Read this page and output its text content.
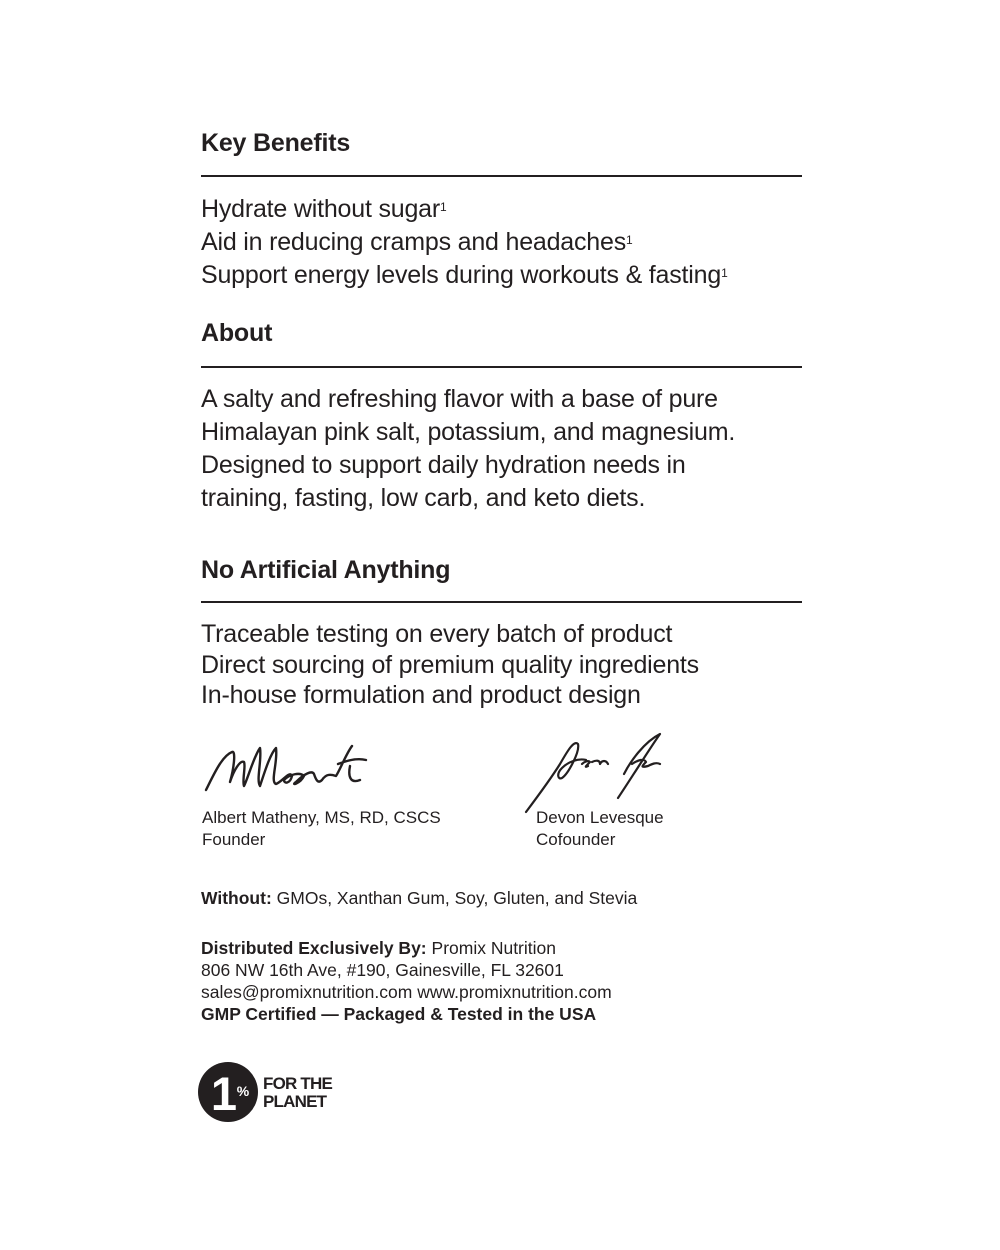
Key Benefits
Hydrate without sugar$^1$
Aid in reducing cramps and headaches$^1$
Support energy levels during workouts & fasting$^1$
About
A salty and refreshing flavor with a base of pure
Himalayan pink salt, potassium, and magnesium.
Designed to support daily hydration needs in
training, fasting, low carb, and keto diets.
No Artificial Anything
Traceable testing on every batch of product
Direct sourcing of premium quality ingredients
In-house formulation and product design
Albert Matheny, MS, RD, CSCS
Founder
Devon Levesque
Cofounder
Without: GMOs, Xanthan Gum, Soy, Gluten, and Stevia
Distributed Exclusively By: Promix Nutrition
806 NW 16th Ave, #190, Gainesville, FL 32601
sales@promixnutrition.com www.promixnutrition.com
GMP Certified — Packaged & Tested in the USA
1 % FOR THE
PLANET
